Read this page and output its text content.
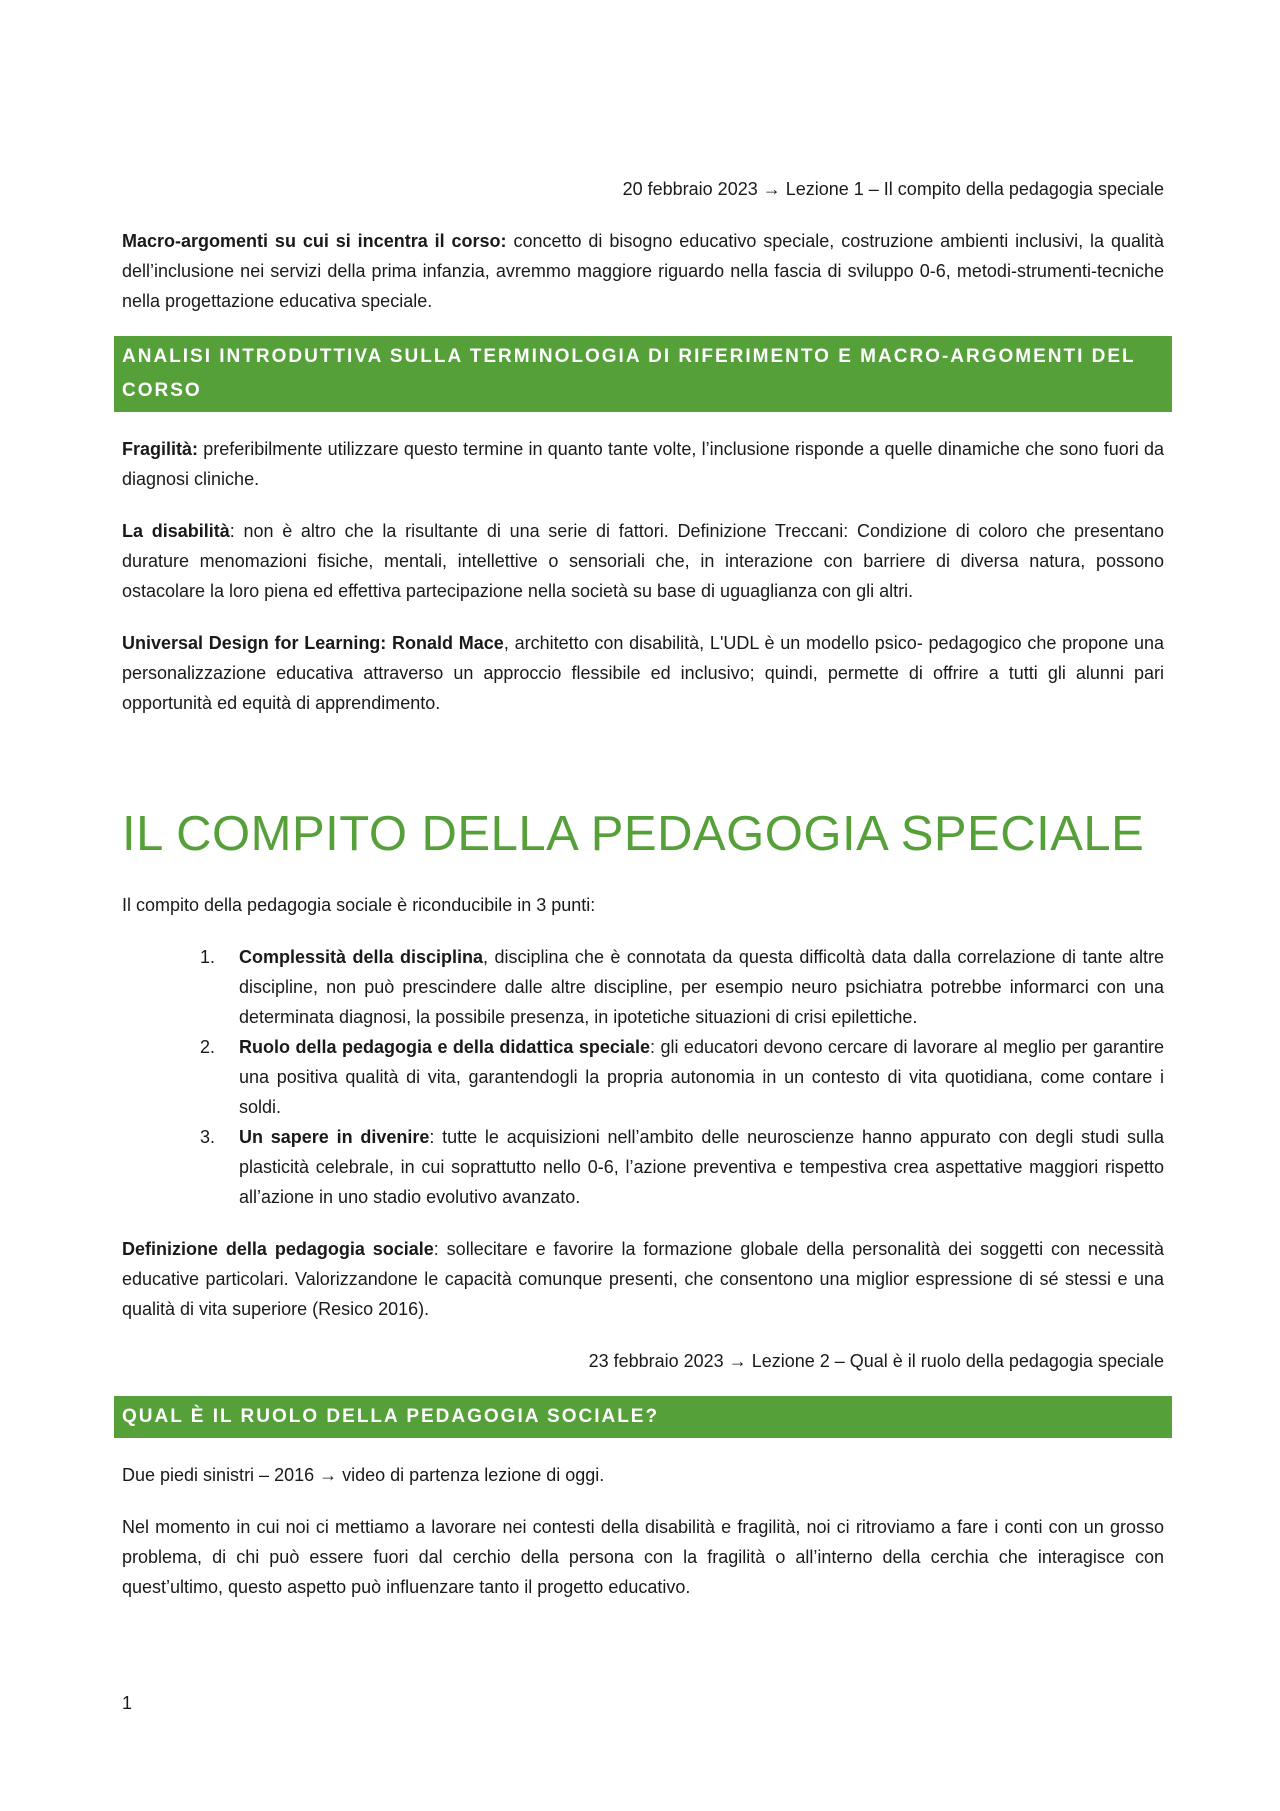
20 febbraio 2023 → Lezione 1 – Il compito della pedagogia speciale

Macro-argomenti su cui si incentra il corso: concetto di bisogno educativo speciale, costruzione ambienti inclusivi, la qualità dell’inclusione nei servizi della prima infanzia, avremmo maggiore riguardo nella fascia di sviluppo 0-6, metodi-strumenti-tecniche nella progettazione educativa speciale.

ANALISI INTRODUTTIVA SULLA TERMINOLOGIA DI RIFERIMENTO E MACRO-ARGOMENTI DEL CORSO

Fragilità: preferibilmente utilizzare questo termine in quanto tante volte, l’inclusione risponde a quelle dinamiche che sono fuori da diagnosi cliniche.

La disabilità: non è altro che la risultante di una serie di fattori. Definizione Treccani: Condizione di coloro che presentano durature menomazioni fisiche, mentali, intellettive o sensoriali che, in interazione con barriere di diversa natura, possono ostacolare la loro piena ed effettiva partecipazione nella società su base di uguaglianza con gli altri.

Universal Design for Learning: Ronald Mace, architetto con disabilità, L'UDL è un modello psico- pedagogico che propone una personalizzazione educativa attraverso un approccio flessibile ed inclusivo; quindi, permette di offrire a tutti gli alunni pari opportunità ed equità di apprendimento.

IL COMPITO DELLA PEDAGOGIA SPECIALE

Il compito della pedagogia sociale è riconducibile in 3 punti:

1. Complessità della disciplina, disciplina che è connotata da questa difficoltà data dalla correlazione di tante altre discipline, non può prescindere dalle altre discipline, per esempio neuro psichiatra potrebbe informarci con una determinata diagnosi, la possibile presenza, in ipotetiche situazioni di crisi epilettiche.
2. Ruolo della pedagogia e della didattica speciale: gli educatori devono cercare di lavorare al meglio per garantire una positiva qualità di vita, garantendogli la propria autonomia in un contesto di vita quotidiana, come contare i soldi.
3. Un sapere in divenire: tutte le acquisizioni nell’ambito delle neuroscienze hanno appurato con degli studi sulla plasticità celebrale, in cui soprattutto nello 0-6, l’azione preventiva e tempestiva crea aspettative maggiori rispetto all’azione in uno stadio evolutivo avanzato.

Definizione della pedagogia sociale: sollecitare e favorire la formazione globale della personalità dei soggetti con necessità educative particolari. Valorizzandone le capacità comunque presenti, che consentono una miglior espressione di sé stessi e una qualità di vita superiore (Resico 2016).

23 febbraio 2023 → Lezione 2 – Qual è il ruolo della pedagogia speciale

QUAL È IL RUOLO DELLA PEDAGOGIA SOCIALE?

Due piedi sinistri – 2016 → video di partenza lezione di oggi.

Nel momento in cui noi ci mettiamo a lavorare nei contesti della disabilità e fragilità, noi ci ritroviamo a fare i conti con un grosso problema, di chi può essere fuori dal cerchio della persona con la fragilità o all’interno della cerchia che interagisce con quest’ultimo, questo aspetto può influenzare tanto il progetto educativo.

1
